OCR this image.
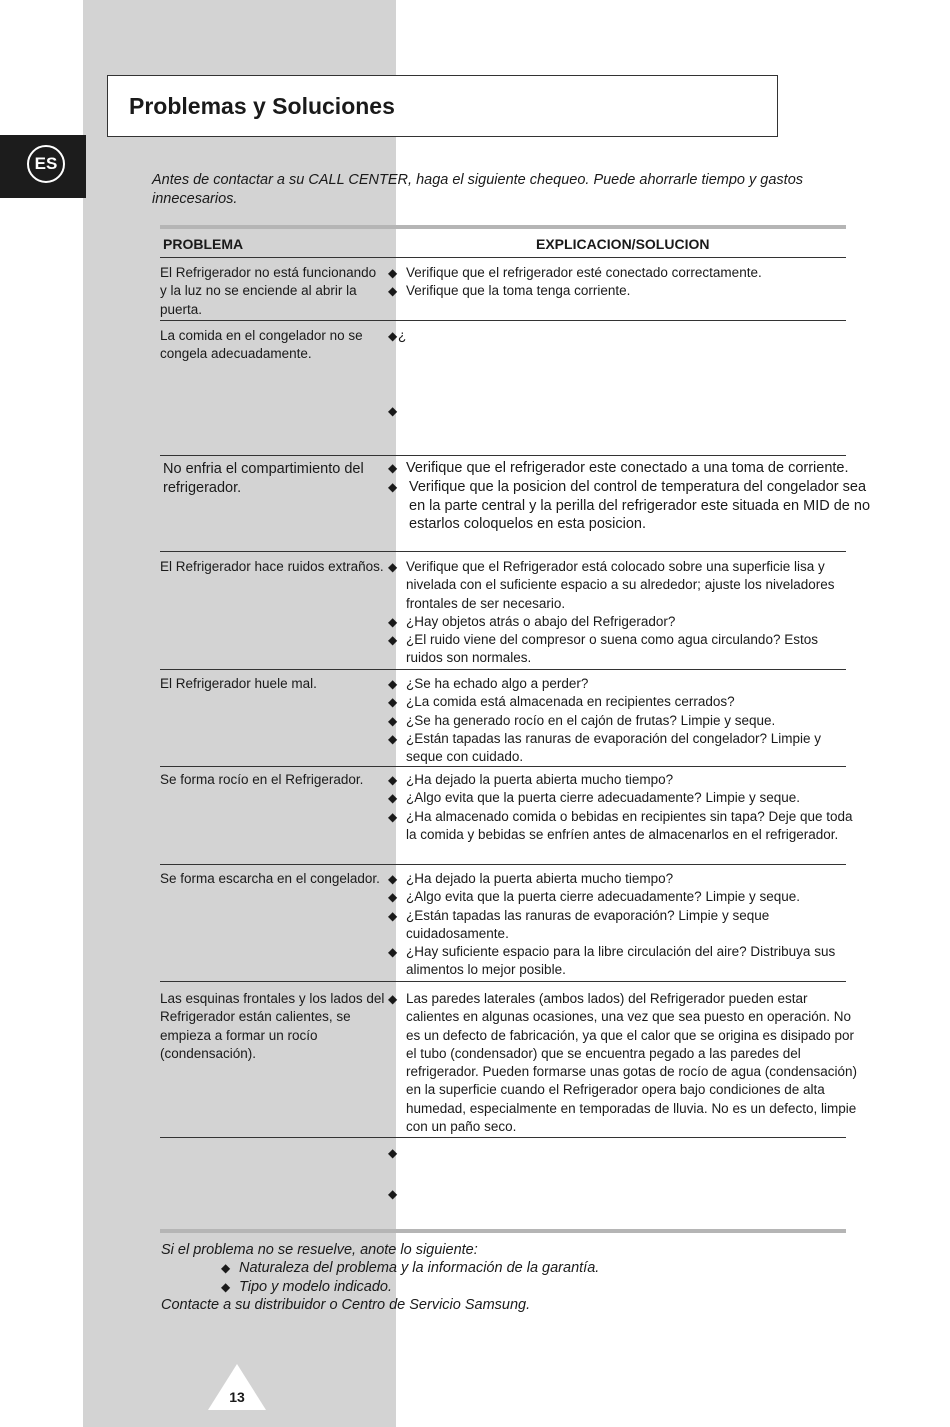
ES
Problemas y Soluciones
Antes de contactar a su CALL CENTER, haga el siguiente chequeo. Puede ahorrarle tiempo y gastos innecesarios.
PROBLEMA	EXPLICACION/SOLUCION
El Refrigerador no está funcionando y la luz no se enciende al abrir la puerta.
◆ Verifique que el refrigerador esté conectado correctamente.
◆ Verifique que la toma tenga corriente.
La comida en el congelador no se congela adecuadamente.
◆ ¿
◆
No enfria el compartimiento del refrigerador.
◆ Verifique que el refrigerador este conectado a una toma de corriente.
◆ Verifique que la posicion del control de temperatura del congelador sea en la parte central y la perilla del refrigerador este situada en MID de no estarlos coloquelos en esta posicion.
El Refrigerador hace ruidos extraños. ◆ Verifique que el Refrigerador está colocado sobre una superficie lisa y nivelada con el suficiente espacio a su alrededor; ajuste los niveladores frontales de ser necesario.
◆ ¿Hay objetos atrás o abajo del Refrigerador?
◆ ¿El ruido viene del compresor o suena como agua circulando? Estos ruidos son normales.
El Refrigerador huele mal.	◆ ¿Se ha echado algo a perder?
◆ ¿La comida está almacenada en recipientes cerrados?
◆ ¿Se ha generado rocío en el cajón de frutas? Limpie y seque.
◆ ¿Están tapadas las ranuras de evaporación del congelador? Limpie y seque con cuidado.
Se forma rocío en el Refrigerador.	◆ ¿Ha dejado la puerta abierta mucho tiempo?
◆ ¿Algo evita que la puerta cierre adecuadamente? Limpie y seque.
◆ ¿Ha almacenado comida o bebidas en recipientes sin tapa? Deje que toda la comida y bebidas se enfríen antes de almacenarlos en el refrigerador.
Se forma escarcha en el congelador. ◆ ¿Ha dejado la puerta abierta mucho tiempo?
◆ ¿Algo evita que la puerta cierre adecuadamente? Limpie y seque.
◆ ¿Están tapadas las ranuras de evaporación? Limpie y seque cuidadosamente.
◆ ¿Hay suficiente espacio para la libre circulación del aire? Distribuya sus alimentos lo mejor posible.
Las esquinas frontales y los lados del Refrigerador están calientes, se empieza a formar un rocío (condensación).
◆ Las paredes laterales (ambos lados) del Refrigerador pueden estar calientes en algunas ocasiones, una vez que sea puesto en operación. No es un defecto de fabricación, ya que el calor que se origina es disipado por el tubo (condensador) que se encuentra pegado a las paredes del refrigerador. Pueden formarse unas gotas de rocío de agua (condensación) en la superficie cuando el Refrigerador opera bajo condiciones de alta humedad, especialmente en temporadas de lluvia. No es un defecto, limpie con un paño seco.
◆
◆
Si el problema no se resuelve, anote lo siguiente:
◆ Naturaleza del problema y la información de la garantía.
◆ Tipo y modelo indicado.
Contacte a su distribuidor o Centro de Servicio Samsung.
13
